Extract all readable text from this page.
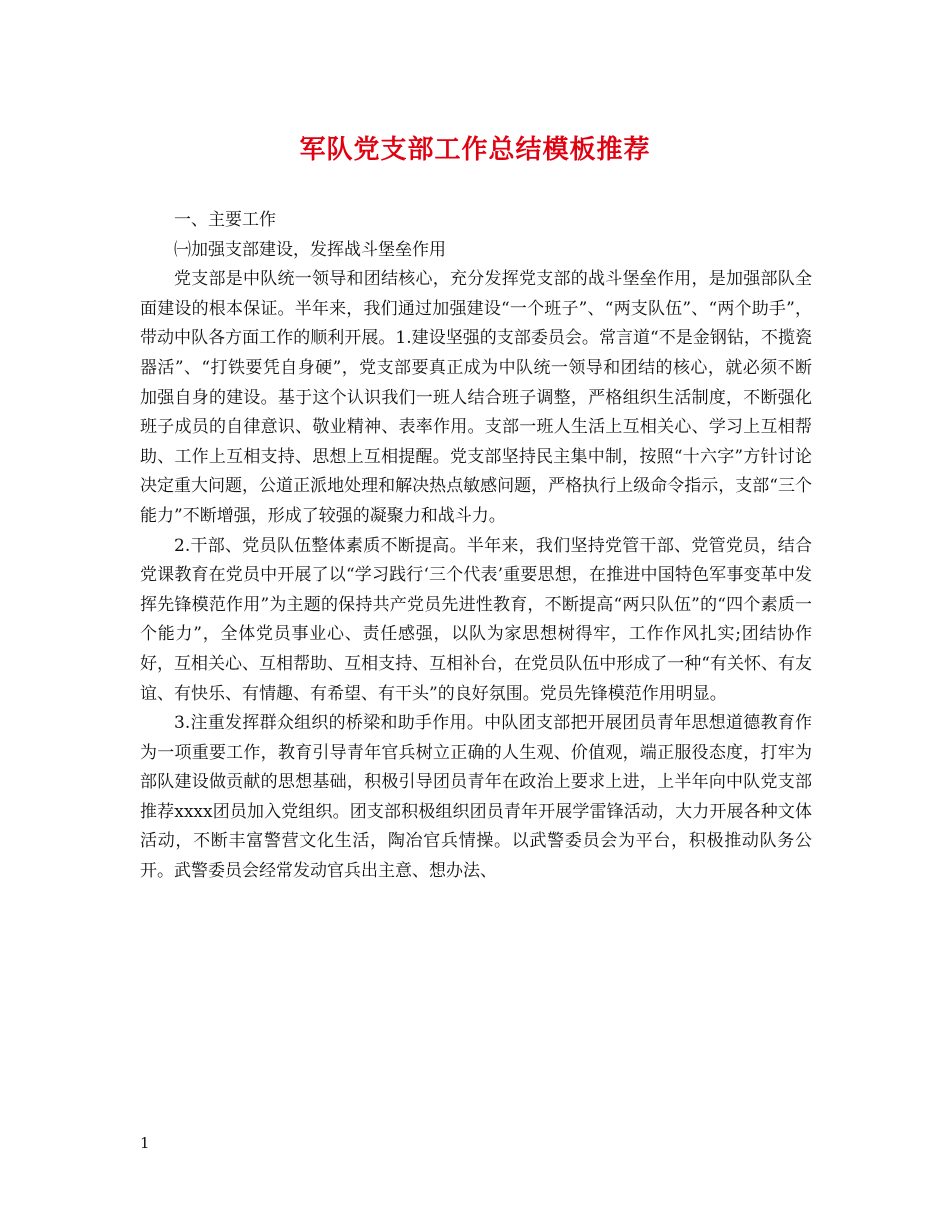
军队党支部工作总结模板推荐

一、主要工作

㈠加强支部建设，发挥战斗堡垒作用

党支部是中队统一领导和团结核心，充分发挥党支部的战斗堡垒作用，是加强部队全面建设的根本保证。半年来，我们通过加强建设“一个班子”、“两支队伍”、“两个助手”，带动中队各方面工作的顺利开展。1.建设坚强的支部委员会。常言道“不是金钢钻，不揽瓷器活”、“打铁要凭自身硬”，党支部要真正成为中队统一领导和团结的核心，就必须不断加强自身的建设。基于这个认识我们一班人结合班子调整，严格组织生活制度，不断强化班子成员的自律意识、敬业精神、表率作用。支部一班人生活上互相关心、学习上互相帮助、工作上互相支持、思想上互相提醒。党支部坚持民主集中制，按照“十六字”方针讨论决定重大问题，公道正派地处理和解决热点敏感问题，严格执行上级命令指示，支部“三个能力”不断增强，形成了较强的凝聚力和战斗力。

2.干部、党员队伍整体素质不断提高。半年来，我们坚持党管干部、党管党员，结合党课教育在党员中开展了以“学习践行‘三个代表’重要思想，在推进中国特色军事变革中发挥先锋模范作用”为主题的保持共产党员先进性教育，不断提高“两只队伍”的“四个素质一个能力”，全体党员事业心、责任感强，以队为家思想树得牢，工作作风扎实;团结协作好，互相关心、互相帮助、互相支持、互相补台，在党员队伍中形成了一种“有关怀、有友谊、有快乐、有情趣、有希望、有干头”的良好氛围。党员先锋模范作用明显。

3.注重发挥群众组织的桥梁和助手作用。中队团支部把开展团员青年思想道德教育作为一项重要工作，教育引导青年官兵树立正确的人生观、价值观，端正服役态度，打牢为部队建设做贡献的思想基础，积极引导团员青年在政治上要求上进，上半年向中队党支部推荐xxxx团员加入党组织。团支部积极组织团员青年开展学雷锋活动，大力开展各种文体活动，不断丰富警营文化生活，陶冶官兵情操。以武警委员会为平台，积极推动队务公开。武警委员会经常发动官兵出主意、想办法、

1
